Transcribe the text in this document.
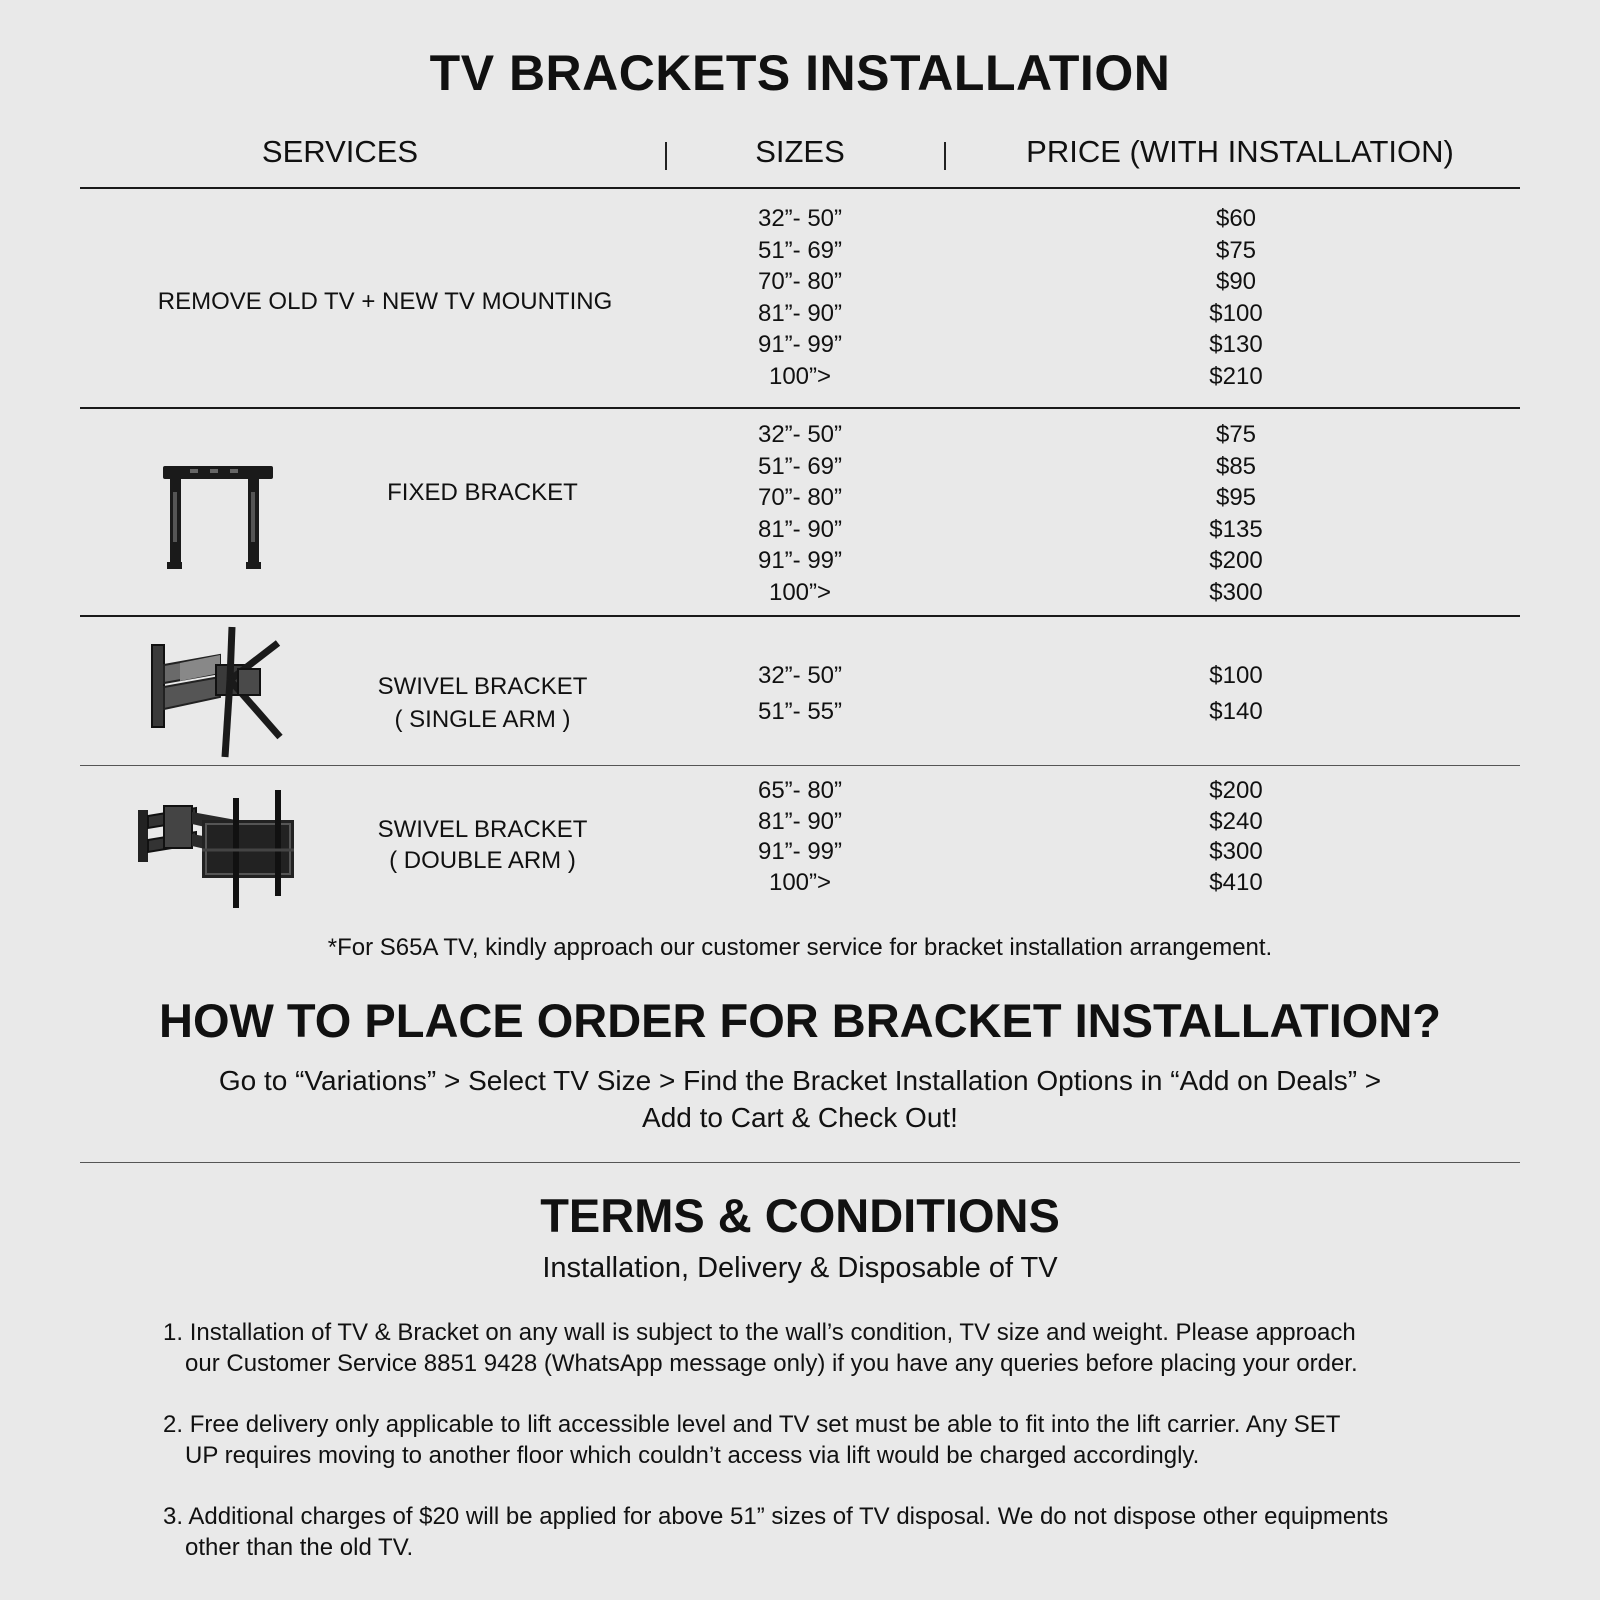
TV BRACKETS INSTALLATION
SERVICES	SIZES	PRICE (WITH INSTALLATION)
REMOVE OLD TV + NEW TV MOUNTING
32”- 50”
51”- 69”
70”- 80”
81”- 90”
91”- 99”
100”>
$60
$75
$90
$100
$130
$210
FIXED BRACKET
32”- 50”
51”- 69”
70”- 80”
81”- 90”
91”- 99”
100”>
$75
$85
$95
$135
$200
$300
SWIVEL BRACKET
( SINGLE ARM )
32”- 50”
51”- 55”
$100
$140
SWIVEL BRACKET
( DOUBLE ARM )
65”- 80”
81”- 90”
91”- 99”
100”>
$200
$240
$300
$410
*For S65A TV, kindly approach our customer service for bracket installation arrangement.
HOW TO PLACE ORDER FOR BRACKET INSTALLATION?
Go to “Variations” > Select TV Size > Find the Bracket Installation Options in “Add on Deals” >
Add to Cart & Check Out!
TERMS & CONDITIONS
Installation, Delivery & Disposable of TV
1. Installation of TV & Bracket on any wall is subject to the wall’s condition, TV size and weight. Please approach
our Customer Service 8851 9428 (WhatsApp message only) if you have any queries before placing your order.
2. Free delivery only applicable to lift accessible level and TV set must be able to fit into the lift carrier. Any SET
UP requires moving to another floor which couldn’t access via lift would be charged accordingly.
3. Additional charges of $20 will be applied for above 51” sizes of TV disposal. We do not dispose other equipments
other than the old TV.
